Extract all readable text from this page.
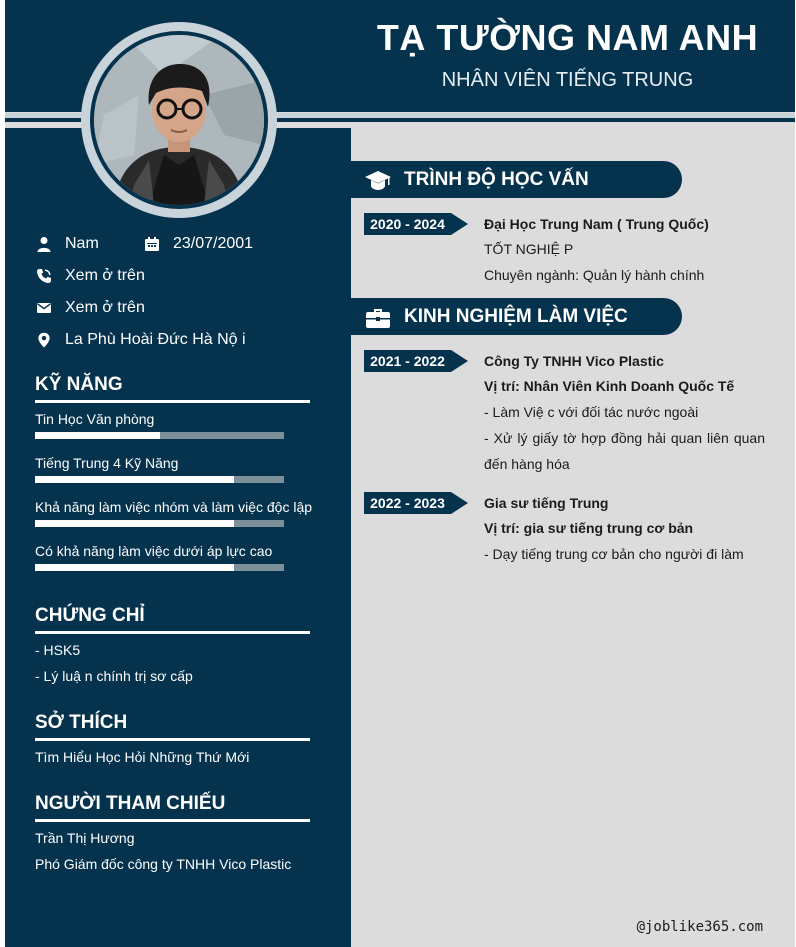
TẠ TƯỜNG NAM ANH
NHÂN VIÊN TIẾNG TRUNG
Nam	23/07/2001
Xem ở trên
Xem ở trên
La Phù Hoài Đức Hà Nộ i
KỸ NĂNG
Tin Học Văn phòng
Tiếng Trung 4 Kỹ Năng
Khả năng làm việc nhóm và làm việc độc lập
Có khả năng làm việc dưới áp lực cao
CHỨNG CHỈ
- HSK5
- Lý luậ n chính trị sơ cấp
SỞ THÍCH
Tìm Hiểu Học Hỏi Những Thứ Mới
NGƯỜI THAM CHIẾU
Trần Thị Hương
Phó Giám đốc công ty TNHH Vico Plastic
TRÌNH ĐỘ HỌC VẤN
2020 - 2024	Đại Học Trung Nam ( Trung Quốc)
TỐT NGHIỆ P
Chuyên ngành: Quản lý hành chính
KINH NGHIỆM LÀM VIỆC
2021 - 2022	Công Ty TNHH Vico Plastic
Vị trí: Nhân Viên Kinh Doanh Quốc Tế
- Làm Việ c với đối tác nước ngoài
- Xử lý giấy tờ hợp đồng hải quan liên quan đến hàng hóa
2022 - 2023	Gia sư tiếng Trung
Vị trí: gia sư tiếng trung cơ bản
- Dạy tiếng trung cơ bản cho người đi làm
@joblike365.com
